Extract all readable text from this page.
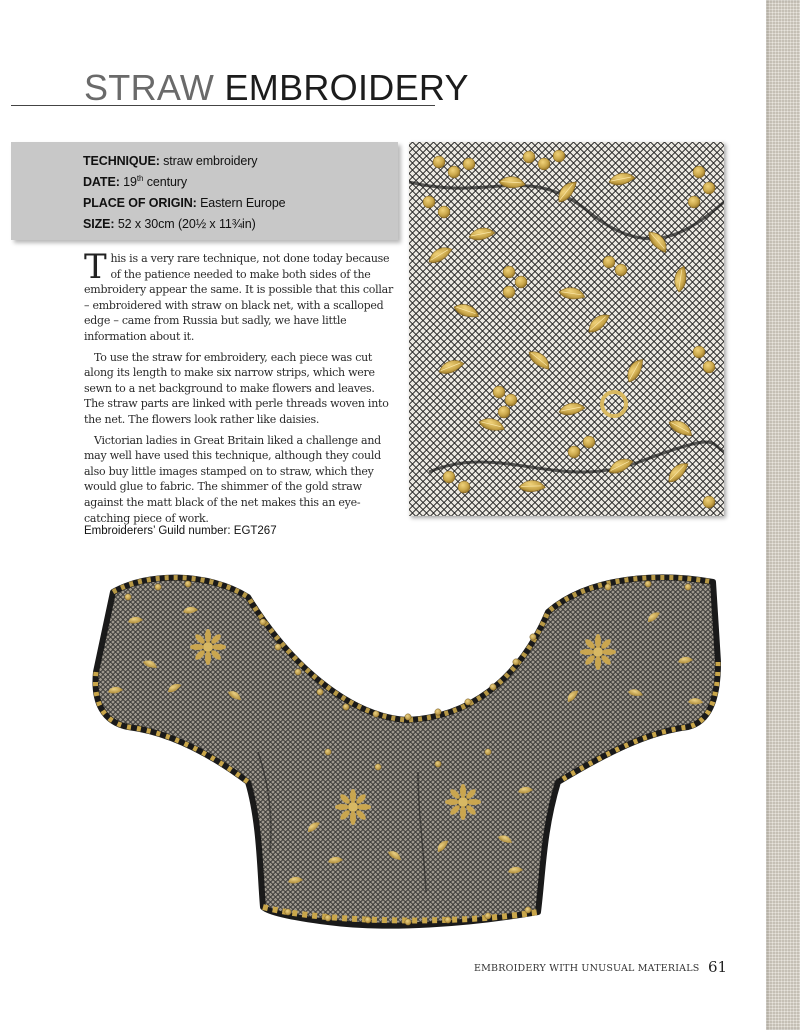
STRAW EMBROIDERY
TECHNIQUE: straw embroidery
DATE: 19th century
PLACE OF ORIGIN: Eastern Europe
SIZE: 52 x 30cm (20½ x 11¾in)

This is a very rare technique, not done today because of the patience needed to make both sides of the embroidery appear the same. It is possible that this collar – embroidered with straw on black net, with a scalloped edge – came from Russia but sadly, we have little information about it.

To use the straw for embroidery, each piece was cut along its length to make six narrow strips, which were sewn to a net background to make flowers and leaves. The straw parts are linked with perle threads woven into the net. The flowers look rather like daisies.

Victorian ladies in Great Britain liked a challenge and may well have used this technique, although they could also buy little images stamped on to straw, which they would glue to fabric. The shimmer of the gold straw against the matt black of the net makes this an eye-catching piece of work.

Embroiderers’ Guild number: EGT267
EMBROIDERY WITH UNUSUAL MATERIALS 61
